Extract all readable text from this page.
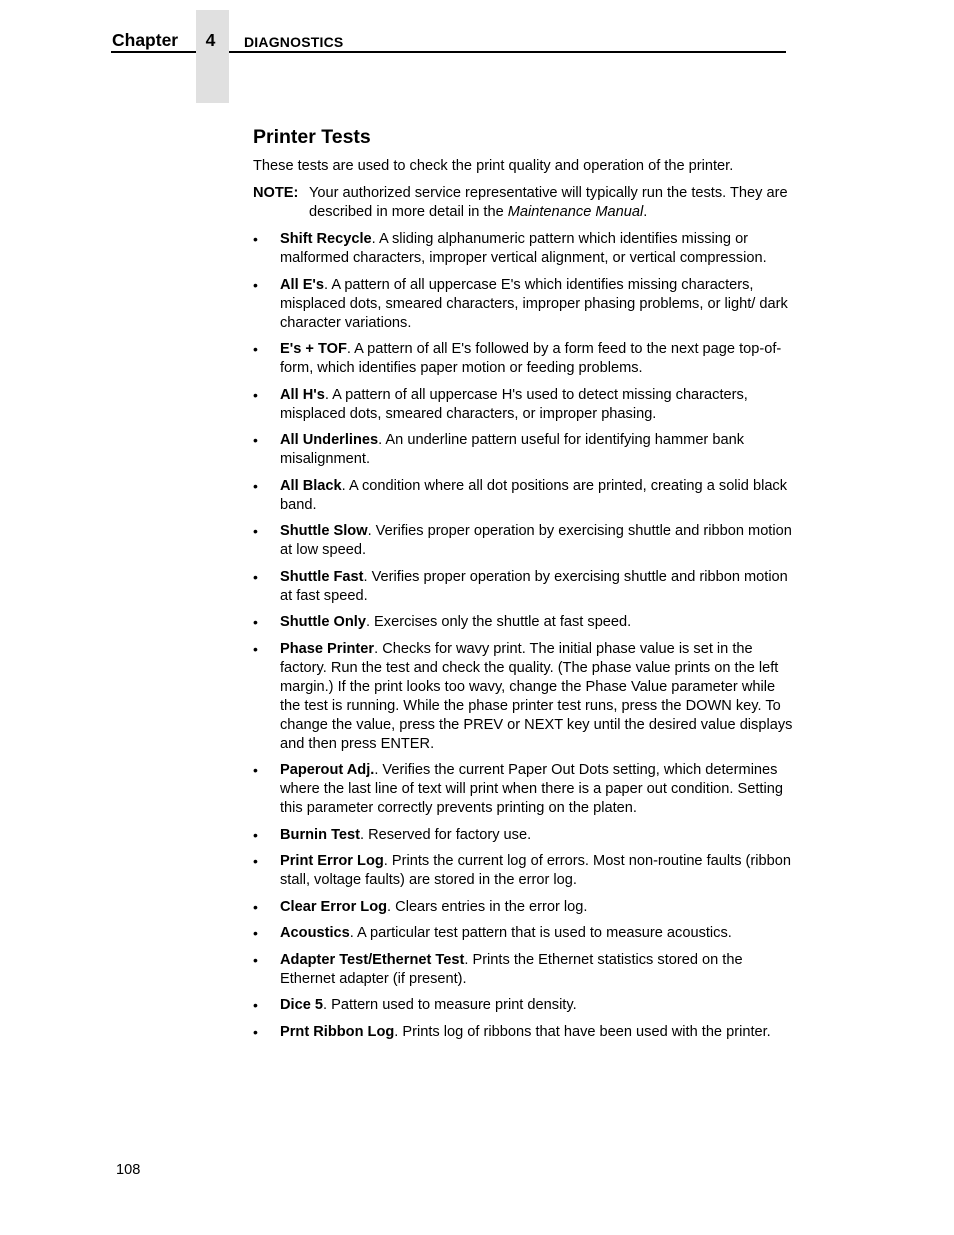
Chapter	4	DIAGNOSTICS
Printer Tests

These tests are used to check the print quality and operation of the printer.

NOTE: Your authorized service representative will typically run the tests. They are described in more detail in the Maintenance Manual.
• Shift Recycle. A sliding alphanumeric pattern which identifies missing or malformed characters, improper vertical alignment, or vertical compression.
• All E's. A pattern of all uppercase E's which identifies missing characters, misplaced dots, smeared characters, improper phasing problems, or light/ dark character variations.
• E's + TOF. A pattern of all E's followed by a form feed to the next page top-of-form, which identifies paper motion or feeding problems.
• All H's. A pattern of all uppercase H's used to detect missing characters, misplaced dots, smeared characters, or improper phasing.
• All Underlines. An underline pattern useful for identifying hammer bank misalignment.
• All Black. A condition where all dot positions are printed, creating a solid black band.
• Shuttle Slow. Verifies proper operation by exercising shuttle and ribbon motion at low speed.
• Shuttle Fast. Verifies proper operation by exercising shuttle and ribbon motion at fast speed.
• Shuttle Only. Exercises only the shuttle at fast speed.
• Phase Printer. Checks for wavy print. The initial phase value is set in the factory. Run the test and check the quality. (The phase value prints on the left margin.) If the print looks too wavy, change the Phase Value parameter while the test is running. While the phase printer test runs, press the DOWN key. To change the value, press the PREV or NEXT key until the desired value displays and then press ENTER.
• Paperout Adj.. Verifies the current Paper Out Dots setting, which determines where the last line of text will print when there is a paper out condition. Setting this parameter correctly prevents printing on the platen.
• Burnin Test. Reserved for factory use.
• Print Error Log. Prints the current log of errors. Most non-routine faults (ribbon stall, voltage faults) are stored in the error log.
• Clear Error Log. Clears entries in the error log.
• Acoustics. A particular test pattern that is used to measure acoustics.
• Adapter Test/Ethernet Test. Prints the Ethernet statistics stored on the Ethernet adapter (if present).
• Dice 5. Pattern used to measure print density.
• Prnt Ribbon Log. Prints log of ribbons that have been used with the printer.
108
